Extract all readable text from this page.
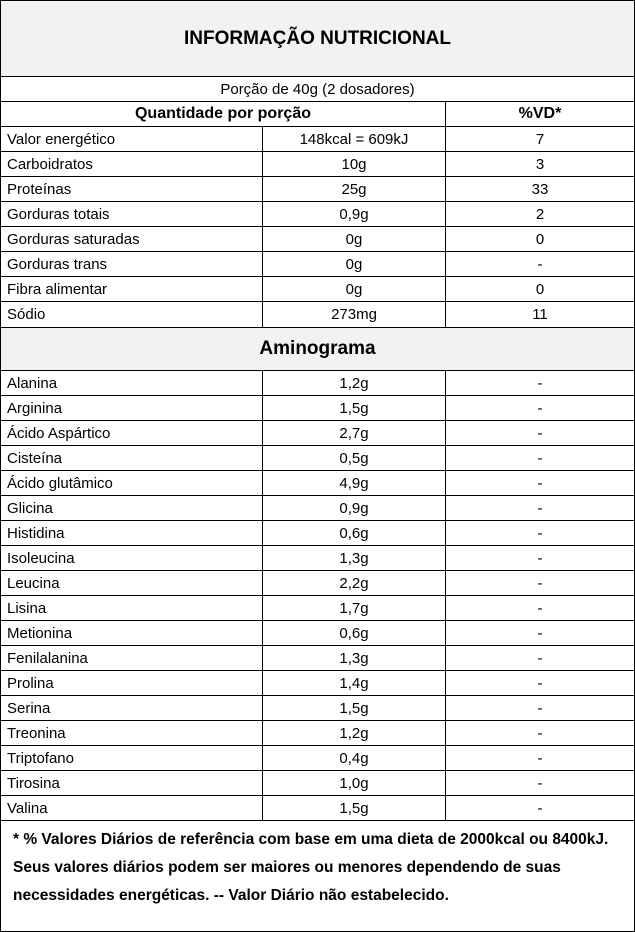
INFORMAÇÃO NUTRICIONAL
Porção de 40g (2 dosadores)
Quantidade por porção	%VD*
Valor energético	148kcal = 609kJ	7
Carboidratos	10g	3
Proteínas	25g	33
Gorduras totais	0,9g	2
Gorduras saturadas	0g	0
Gorduras trans	0g	-
Fibra alimentar	0g	0
Sódio	273mg	11
Aminograma
Alanina	1,2g	-
Arginina	1,5g	-
Ácido Aspártico	2,7g	-
Cisteína	0,5g	-
Ácido glutâmico	4,9g	-
Glicina	0,9g	-
Histidina	0,6g	-
Isoleucina	1,3g	-
Leucina	2,2g	-
Lisina	1,7g	-
Metionina	0,6g	-
Fenilalanina	1,3g	-
Prolina	1,4g	-
Serina	1,5g	-
Treonina	1,2g	-
Triptofano	0,4g	-
Tirosina	1,0g	-
Valina	1,5g	-
* % Valores Diários de referência com base em uma dieta de 2000kcal ou 8400kJ. Seus valores diários podem ser maiores ou menores dependendo de suas necessidades energéticas. -- Valor Diário não estabelecido.
